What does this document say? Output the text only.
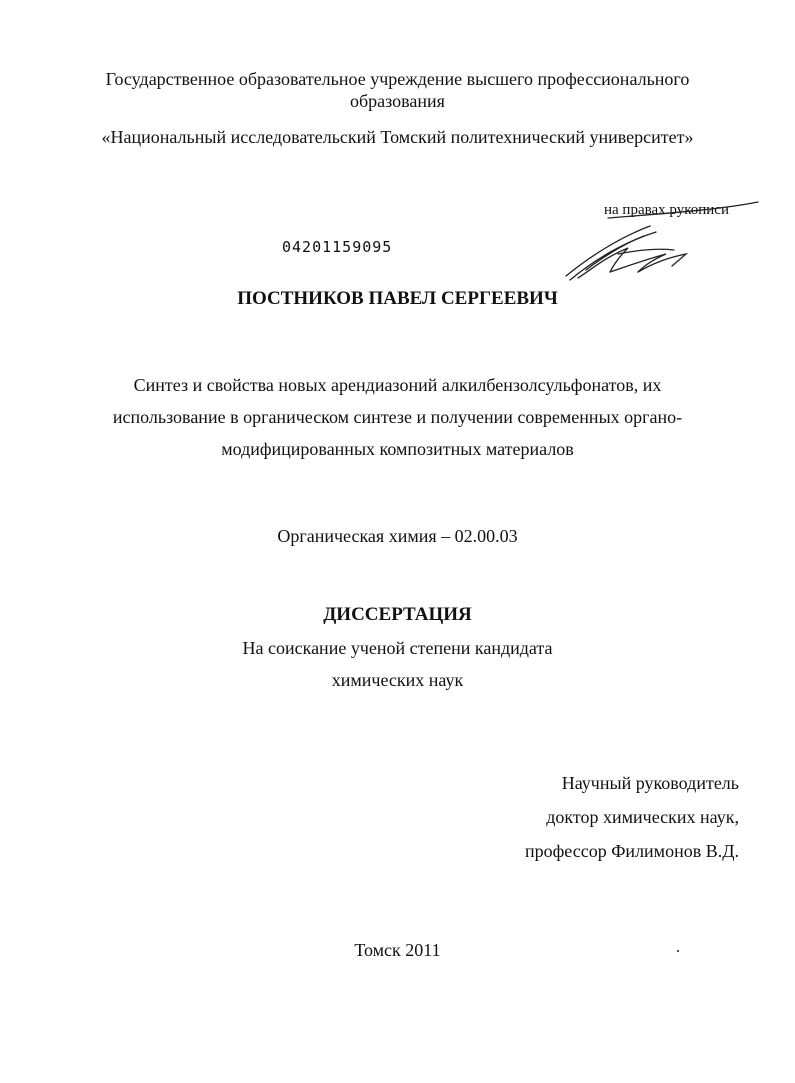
Государственное образовательное учреждение высшего профессионального
образования
«Национальный исследовательский Томский политехнический университет»
на правах рукописи
04201159095
ПОСТНИКОВ ПАВЕЛ СЕРГЕЕВИЧ
Синтез и свойства новых арендиазоний алкилбензолсульфонатов, их
использование в органическом синтезе и получении современных органо-
модифицированных композитных материалов
Органическая химия – 02.00.03
ДИССЕРТАЦИЯ
На соискание ученой степени кандидата
химических наук
Научный руководитель
доктор химических наук,
профессор Филимонов В.Д.
Томск 2011
